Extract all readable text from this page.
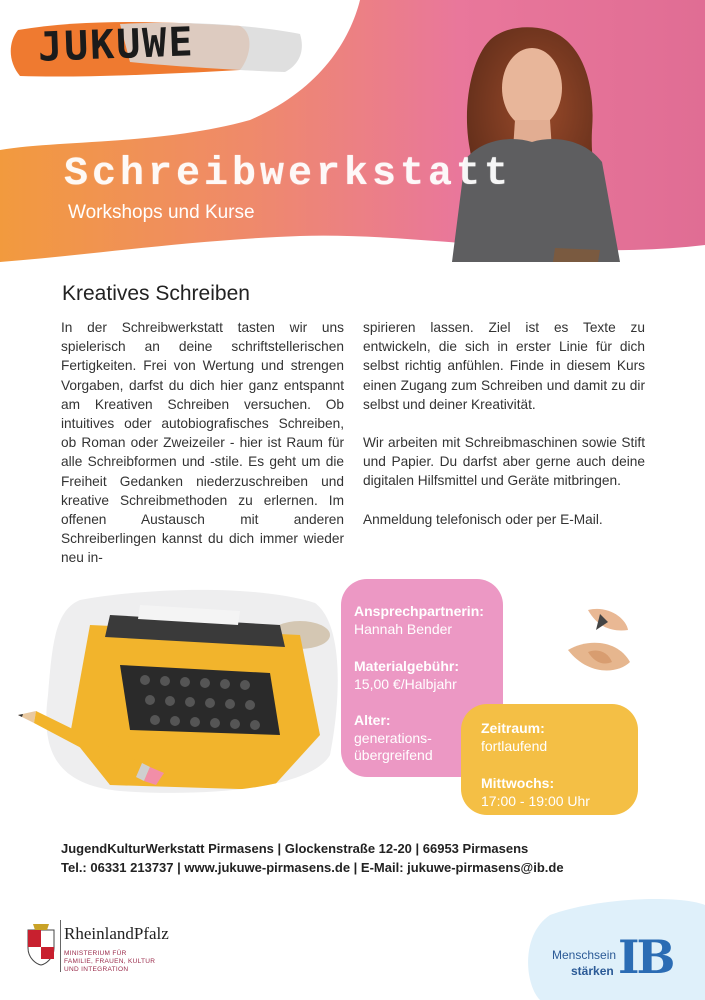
JUKUWE
Schreibwerkstatt
Workshops und Kurse
Kreatives Schreiben

In der Schreibwerkstatt tasten wir uns spielerisch an deine schriftstellerischen Fertigkeiten. Frei von Wertung und strengen Vorgaben, darfst du dich hier ganz entspannt am Kreativen Schreiben versuchen. Ob intuitives oder autobiografisches Schreiben, ob Roman oder Zweizeiler - hier ist Raum für alle Schreibformen und -stile. Es geht um die Freiheit Gedanken niederzuschreiben und kreative Schreibmethoden zu erlernen. Im offenen Austausch mit anderen Schreiberlingen kannst du dich immer wieder neu in-

spirieren lassen. Ziel ist es Texte zu entwickeln, die sich in erster Linie für dich selbst richtig anfühlen. Finde in diesem Kurs einen Zugang zum Schreiben und damit zu dir selbst und deiner Kreativität.

Wir arbeiten mit Schreibmaschinen sowie Stift und Papier. Du darfst aber gerne auch deine digitalen Hilfsmittel und Geräte mitbringen.

Anmeldung telefonisch oder per E-Mail.

Ansprechpartnerin:
Hannah Bender
Materialgebühr:
15,00 €/Halbjahr
Alter:
generations-
übergreifend
Zeitraum:
fortlaufend
Mittwochs:
17:00 - 19:00 Uhr
JugendKulturWerkstatt Pirmasens | Glockenstraße 12-20 | 66953 Pirmasens
Tel.: 06331 213737 | www.jukuwe-pirmasens.de | E-Mail: jukuwe-pirmasens@ib.de
RheinlandPfalz
MINISTERIUM FÜR
FAMILIE, FRAUEN, KULTUR
UND INTEGRATION
Menschsein
stärken IB
